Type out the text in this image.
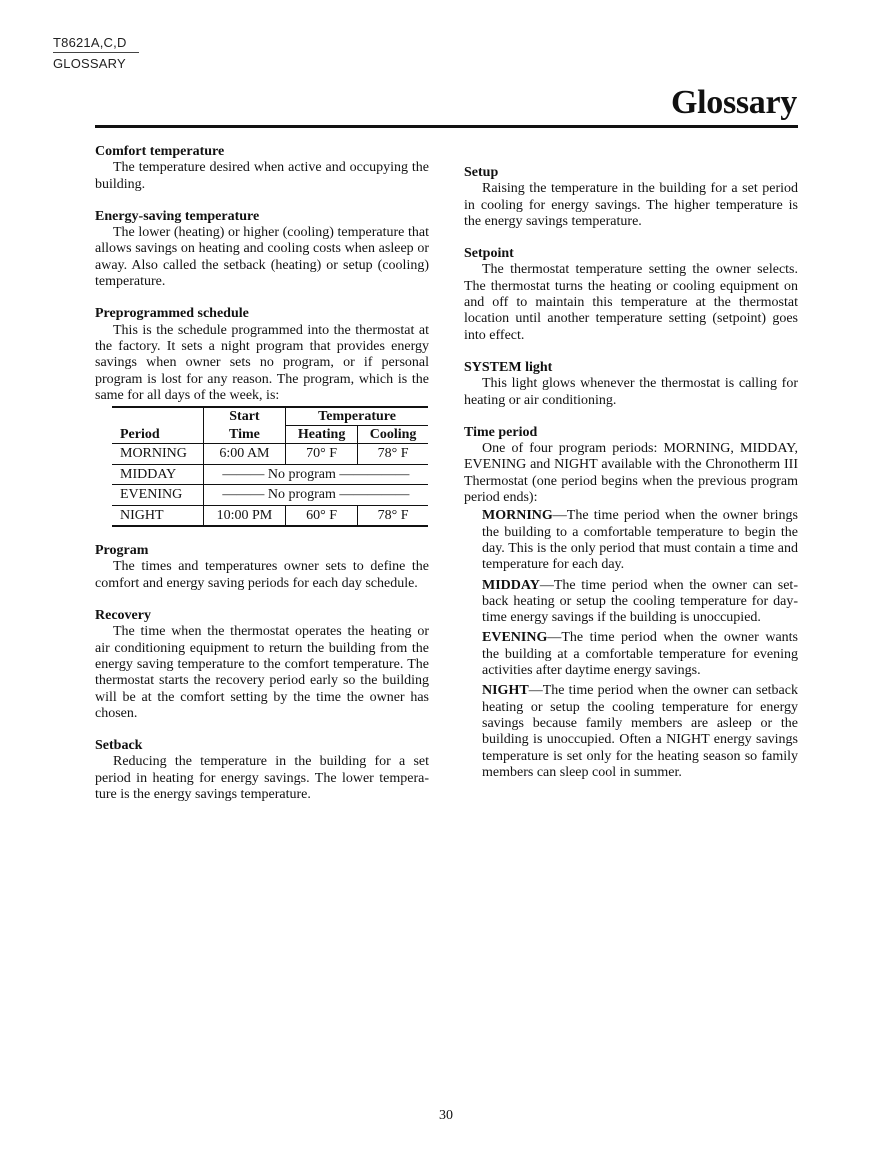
T8621A,C,D
GLOSSARY
Glossary
Comfort temperature

The temperature desired when active and occupying the building.

Energy-saving temperature

The lower (heating) or higher (cooling) temperature that allows savings on heating and cooling costs when asleep or away. Also called the setback (heating) or setup (cooling) temperature.

Preprogrammed schedule

This is the schedule programmed into the thermostat at the factory. It sets a night program that provides energy savings when owner sets no program, or if personal program is lost for any reason. The program, which is the same for all days of the week, is:

	Start	Temperature	
Period	Time	Heating	Cooling
MORNING	6:00 AM	70° F	78° F
MIDDAY	——— No program —————		
EVENING	——— No program —————		
NIGHT	10:00 PM	60° F	78° F
Program

The times and temperatures owner sets to define the comfort and energy saving periods for each day schedule.

Recovery

The time when the thermostat operates the heating or air conditioning equipment to return the building from the energy saving temperature to the comfort temperature. The thermostat starts the recovery period early so the building will be at the comfort setting by the time the owner has chosen.

Setback

Reducing the temperature in the building for a set period in heating for energy savings. The lower tempera-ture is the energy savings temperature.

Setup

Raising the temperature in the building for a set period in cooling for energy savings. The higher temperature is the energy savings temperature.

Setpoint

The thermostat temperature setting the owner selects. The thermostat turns the heating or cooling equipment on and off to maintain this temperature at the thermostat location until another temperature setting (setpoint) goes into effect.

SYSTEM light

This light glows whenever the thermostat is calling for heating or air conditioning.

Time period

One of four program periods: MORNING, MIDDAY, EVENING and NIGHT available with the Chronotherm III Thermostat (one period begins when the previous program period ends):

MORNING—The time period when the owner brings the building to a comfortable temperature to begin the day. This is the only period that must contain a time and temperature for each day.

MIDDAY—The time period when the owner can set-back heating or setup the cooling temperature for day-time energy savings if the building is unoccupied.

EVENING—The time period when the owner wants the building at a comfortable temperature for evening activities after daytime energy savings.

NIGHT—The time period when the owner can setback heating or setup the cooling temperature for energy savings because family members are asleep or the building is unoccupied. Often a NIGHT energy savings temperature is set only for the heating season so family members can sleep cool in summer.

30
